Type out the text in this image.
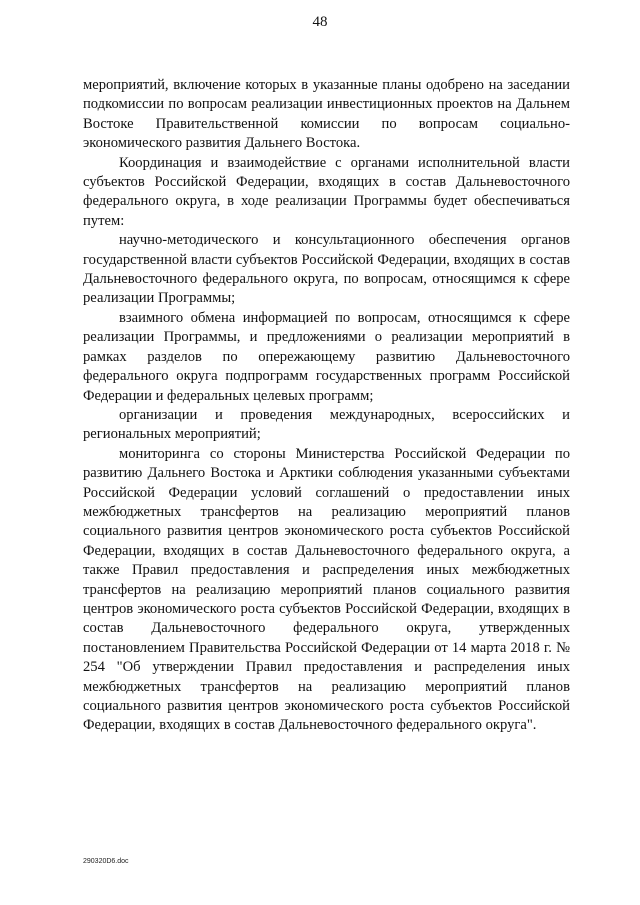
48

мероприятий, включение которых в указанные планы одобрено на заседании подкомиссии по вопросам реализации инвестиционных проектов на Дальнем Востоке Правительственной комиссии по вопросам социально-экономического развития Дальнего Востока.

Координация и взаимодействие с органами исполнительной власти субъектов Российской Федерации, входящих в состав Дальневосточного федерального округа, в ходе реализации Программы будет обеспечиваться путем:

научно-методического и консультационного обеспечения органов государственной власти субъектов Российской Федерации, входящих в состав Дальневосточного федерального округа, по вопросам, относящимся к сфере реализации Программы;

взаимного обмена информацией по вопросам, относящимся к сфере реализации Программы, и предложениями о реализации мероприятий в рамках разделов по опережающему развитию Дальневосточного федерального округа подпрограмм государственных программ Российской Федерации и федеральных целевых программ;

организации и проведения международных, всероссийских и региональных мероприятий;

мониторинга со стороны Министерства Российской Федерации по развитию Дальнего Востока и Арктики соблюдения указанными субъектами Российской Федерации условий соглашений о предоставлении иных межбюджетных трансфертов на реализацию мероприятий планов социального развития центров экономического роста субъектов Российской Федерации, входящих в состав Дальневосточного федерального округа, а также Правил предоставления и распределения иных межбюджетных трансфертов на реализацию мероприятий планов социального развития центров экономического роста субъектов Российской Федерации, входящих в состав Дальневосточного федерального округа, утвержденных постановлением Правительства Российской Федерации от 14 марта 2018 г. № 254 "Об утверждении Правил предоставления и распределения иных межбюджетных трансфертов на реализацию мероприятий планов социального развития центров экономического роста субъектов Российской Федерации, входящих в состав Дальневосточного федерального округа".

290320D6.doc
